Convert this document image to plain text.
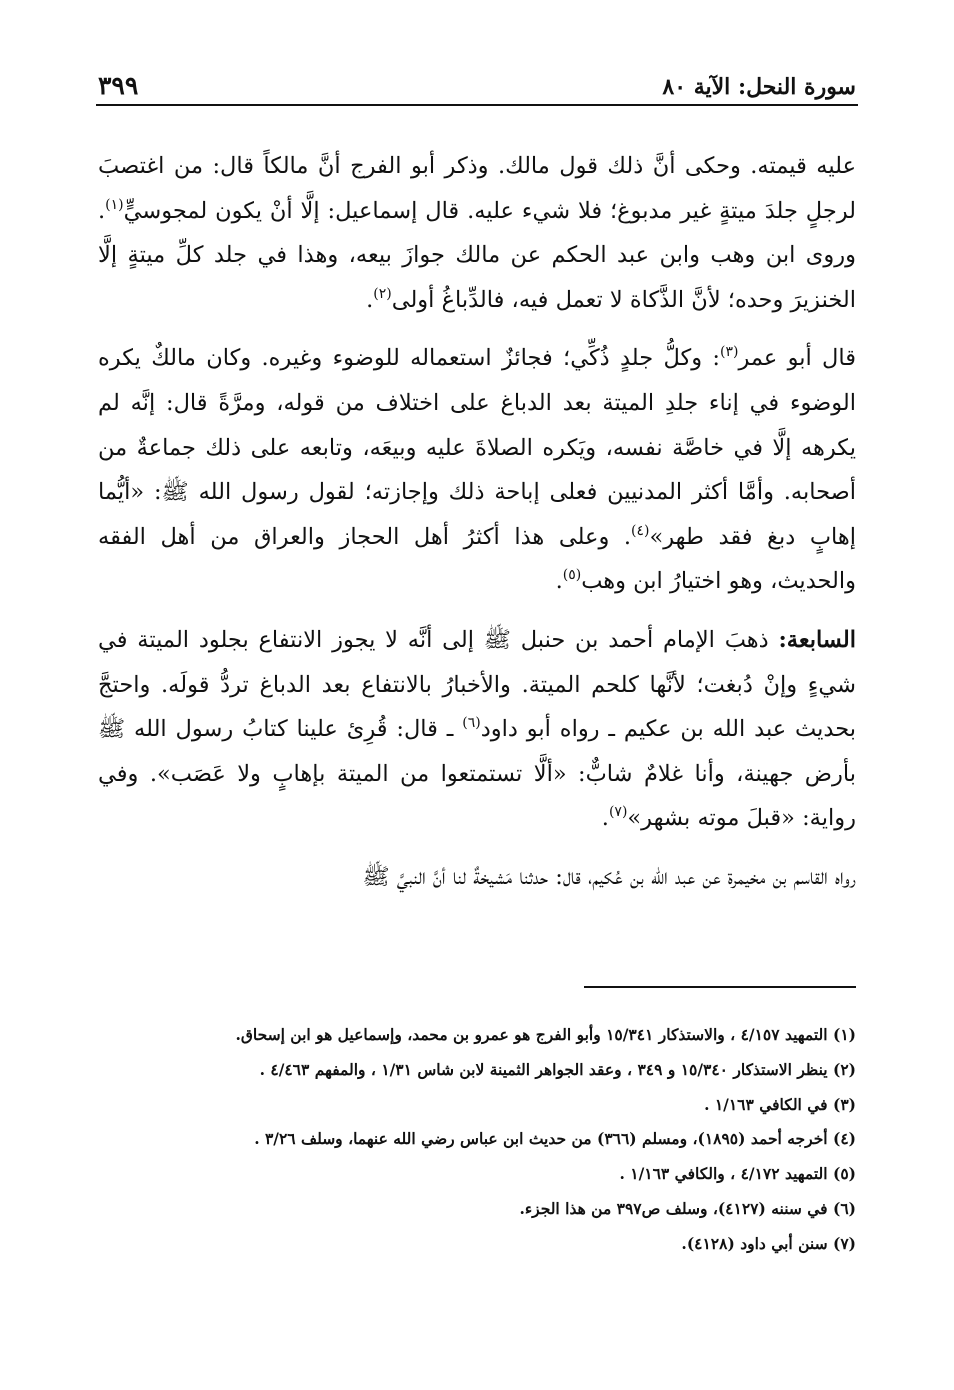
سورة النحل: الآية ٨٠
٣٩٩

عليه قيمته. وحكى أنَّ ذلك قول مالك. وذكر أبو الفرج أنَّ مالكاً قال: من اغتصبَ لرجلٍ جلدَ ميتةٍ غير مدبوغ؛ فلا شيء عليه. قال إسماعيل: إلَّا أنْ يكون لمجوسيٍّ$^{(١)}$. وروى ابن وهب وابن عبد الحكم عن مالك جوازَ بيعه، وهذا في جلد كلِّ ميتةٍ إلَّا الخنزيرَ وحده؛ لأنَّ الذَّكاة لا تعمل فيه، فالدِّباغُ أولى$^{(٢)}$.

قال أبو عمر$^{(٣)}$: وكلُّ جلدٍ ذُكِّي؛ فجائزٌ استعماله للوضوء وغيره. وكان مالكٌ يكره الوضوء في إناء جلدِ الميتة بعد الدباغ على اختلاف من قوله، ومرَّةً قال: إنَّه لم يكرهه إلَّا في خاصَّة نفسه، ويَكره الصلاةَ عليه وبيعَه، وتابعه على ذلك جماعةٌ من أصحابه. وأمَّا أكثر المدنيين فعلى إباحة ذلك وإجازته؛ لقول رسول الله ﷺ: «أيُّما إهابٍ دبغ فقد طهر»$^{(٤)}$. وعلى هذا أكثرُ أهل الحجاز والعراق من أهل الفقه والحديث، وهو اختيارُ ابن وهب$^{(٥)}$.

السابعة: ذهبَ الإمام أحمد بن حنبل ﷺ إلى أنَّه لا يجوز الانتفاع بجلود الميتة في شيءٍ وإنْ دُبغت؛ لأنَّها كلحم الميتة. والأخبارُ بالانتفاع بعد الدباغ تردُّ قولَه. واحتجَّ بحديث عبد الله بن عكيم ـ رواه أبو داود$^{(٦)}$ ـ قال: قُرِئ علينا كتابُ رسول الله ﷺ بأرض جهينة، وأنا غلامٌ شابٌّ: «ألَّا تستمتعوا من الميتة بإهابٍ ولا عَصَب». وفي رواية: «قبلَ موته بشهر»$^{(٧)}$.

رواه القاسم بن مخيمرة عن عبد الله بن عُكيم، قال: حدثنا مَشيخةٌ لنا أنَّ النبيَّ ﷺ

(١) التمهيد ٤/١٥٧ ، والاستذكار ١٥/٣٤١ وأبو الفرج هو عمرو بن محمد، وإسماعيل هو ابن إسحاق.
(٢) ينظر الاستذكار ١٥/٣٤٠ و ٣٤٩ ، وعقد الجواهر الثمينة لابن شاس ١/٣١ ، والمفهم ٤/٤٦٣ .
(٣) في الكافي ١/١٦٣ .
(٤) أخرجه أحمد (١٨٩٥)، ومسلم (٣٦٦) من حديث ابن عباس رضي الله عنهما، وسلف ٣/٢٦ .
(٥) التمهيد ٤/١٧٢ ، والكافي ١/١٦٣ .
(٦) في سننه (٤١٢٧)، وسلف ص٣٩٧ من هذا الجزء.
(٧) سنن أبي داود (٤١٢٨).
